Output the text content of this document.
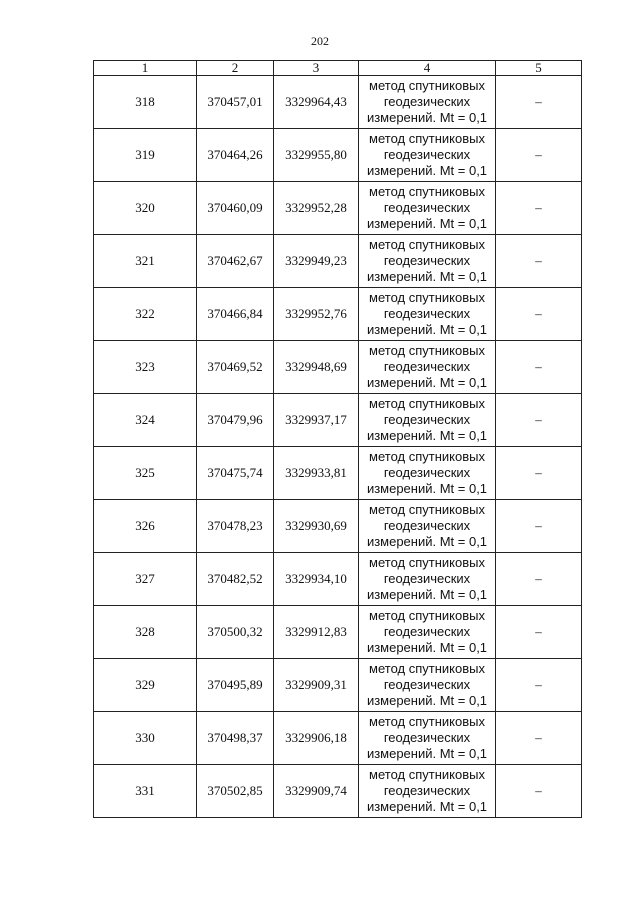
202
1	2	3	4	5
318	370457,01	3329964,43	метод спутниковых
геодезических
измерений. Mt = 0,1	–
319	370464,26	3329955,80	метод спутниковых
геодезических
измерений. Mt = 0,1	–
320	370460,09	3329952,28	метод спутниковых
геодезических
измерений. Mt = 0,1	–
321	370462,67	3329949,23	метод спутниковых
геодезических
измерений. Mt = 0,1	–
322	370466,84	3329952,76	метод спутниковых
геодезических
измерений. Mt = 0,1	–
323	370469,52	3329948,69	метод спутниковых
геодезических
измерений. Mt = 0,1	–
324	370479,96	3329937,17	метод спутниковых
геодезических
измерений. Mt = 0,1	–
325	370475,74	3329933,81	метод спутниковых
геодезических
измерений. Mt = 0,1	–
326	370478,23	3329930,69	метод спутниковых
геодезических
измерений. Mt = 0,1	–
327	370482,52	3329934,10	метод спутниковых
геодезических
измерений. Mt = 0,1	–
328	370500,32	3329912,83	метод спутниковых
геодезических
измерений. Mt = 0,1	–
329	370495,89	3329909,31	метод спутниковых
геодезических
измерений. Mt = 0,1	–
330	370498,37	3329906,18	метод спутниковых
геодезических
измерений. Mt = 0,1	–
331	370502,85	3329909,74	метод спутниковых
геодезических
измерений. Mt = 0,1	–
